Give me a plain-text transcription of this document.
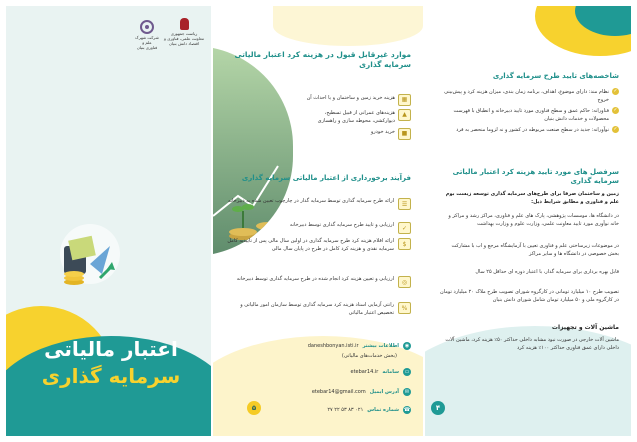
شرکت شهرک علم و
فناوری بنیان
ریاست جمهوری
معاونت علمی، فناوری و اقتصاد دانش بنیان
اعتبار مالیاتی
سرمایه گذاری
موارد غیرقابل قبول در هزینه کرد اعتبار مالیاتی سرمایه گذاری
▦
هزینه خرید زمین و ساختمان و یا احداث آن
▲
هزینه‌های عمرانی از قبیل تسطیح، دیوارکشی، محوطه سازی و راهسازی
■
خرید خودرو
فرآیند برخورداری از اعتبار مالیاتی سرمایه گذاری
☰
ارائه طرح سرمایه گذاری توسط سرمایه گذار در چارچوب تعیین شده به دبیرخانه
✓
ارزیابی و تایید طرح سرمایه گذاری توسط دبیرخانه
$
ارائه اقلام هزینه کرد طرح سرمایه گذاری در اولین سال مالی پس از تاییدیه کامل سرمایه نقدی و هزینه کرد کامل در طرح در پایان سال مالی
◎
ارزیابی و تعیین هزینه کرد انجام شده در طرح سرمایه گذاری توسط دبیرخانه
%
رانتی آزمایی اسناد هزینه کرد سرمایه گذاری توسط سازمان امور مالیاتی و تخصیص اعتبار مالیاتی
◉
اطلاعات بیشتر
daneshbonyan.isti.ir
(بخش خدمات‌های مالیاتی)
▭
سامانه
etebar14.ir
✉
آدرس ایمیل
etebar14@gmail.com
☎
شماره تماس
۰۲۱ ۸۳ ۵۳ ۲۲ ۲۷
۵
شاخصه‌های تایید طرح سرمایه گذاری
✓
نظام مند: دارای موضوع، اهداف، برنامه زمان بندی، میزان هزینه کرد و پیش‌بینی خروج
✓
فناورانه: حاکم عمق و سطح فناوری مورد تایید دبیرخانه و انطباق با فهرست محصولات و خدمات دانش بنیان
✓
نوآورانه: جدید در سطح صنعت مربوطه در کشور و نه لزوما منحصر به فرد
سرفصل های مورد تایید هزینه کرد اعتبار مالیاتی سرمایه گذاری
زمین و ساختمان صرفا برای طرح‌های سرمایه گذاری توسعه زیست بوم علم و فناوری و مطابق شرایط ذیل:
در دانشگاه ها، موسسات پژوهشی، پارک های علم و فناوری، مراکز رشد و مراکز و خانه نوآوری مورد تایید معاونت علمی، وزارت علوم و وزارت بهداشت
در موضوعات زیرساختی علم و فناوری تعیین با آزمایشگاه مرجع و اب با مشارکت بخش خصوصی در دانشگاه ها و سایر مراکز
قابل بهره برداری برای سرمایه گذار، با اعتبار دوره ای حداقل ۲۵ سال
تصویب طرح ۱۰ میلیارد تومانی در کارگروه شورای تصویب طرح ملاک ۲۰ میلیارد تومان در کارگروه ملی و ۵۰ میلیارد تومان شامل شورای دانش بنیان
ماشین آلات و تجهیزات
ماشین آلات خارجی در صورت نبود مشابه داخلی حداکثر ۵۰٪ هزینه کرد، ماشین آلات داخلی دارای عمق فناوری حداکثر ۱۰۰٪ هزینه کرد
۴
